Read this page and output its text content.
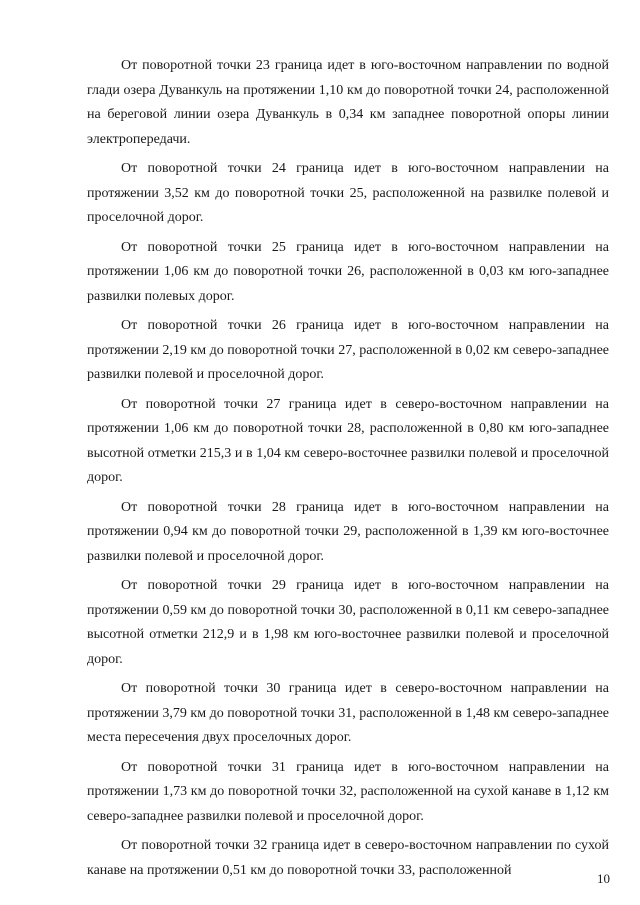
От поворотной точки 23 граница идет в юго-восточном направлении по водной глади озера Дуванкуль на протяжении 1,10 км до поворотной точки 24, расположенной на береговой линии озера Дуванкуль в 0,34 км западнее поворотной опоры линии электропередачи.

От поворотной точки 24 граница идет в юго-восточном направлении на протяжении 3,52 км до поворотной точки 25, расположенной на развилке полевой и проселочной дорог.

От поворотной точки 25 граница идет в юго-восточном направлении на протяжении 1,06 км до поворотной точки 26, расположенной в 0,03 км юго-западнее развилки полевых дорог.

От поворотной точки 26 граница идет в юго-восточном направлении на протяжении 2,19 км до поворотной точки 27, расположенной в 0,02 км северо-западнее развилки полевой и проселочной дорог.

От поворотной точки 27 граница идет в северо-восточном направлении на протяжении 1,06 км до поворотной точки 28, расположенной в 0,80 км юго-западнее высотной отметки 215,3 и в 1,04 км северо-восточнее развилки полевой и проселочной дорог.

От поворотной точки 28 граница идет в юго-восточном направлении на протяжении 0,94 км до поворотной точки 29, расположенной в 1,39 км юго-восточнее развилки полевой и проселочной дорог.

От поворотной точки 29 граница идет в юго-восточном направлении на протяжении 0,59 км до поворотной точки 30, расположенной в 0,11 км северо-западнее высотной отметки 212,9 и в 1,98 км юго-восточнее развилки полевой и проселочной дорог.

От поворотной точки 30 граница идет в северо-восточном направлении на протяжении 3,79 км до поворотной точки 31, расположенной в 1,48 км северо-западнее места пересечения двух проселочных дорог.

От поворотной точки 31 граница идет в юго-восточном направлении на протяжении 1,73 км до поворотной точки 32, расположенной на сухой канаве в 1,12 км северо-западнее развилки полевой и проселочной дорог.

От поворотной точки 32 граница идет в северо-восточном направлении по сухой канаве на протяжении 0,51 км до поворотной точки 33, расположенной

10
